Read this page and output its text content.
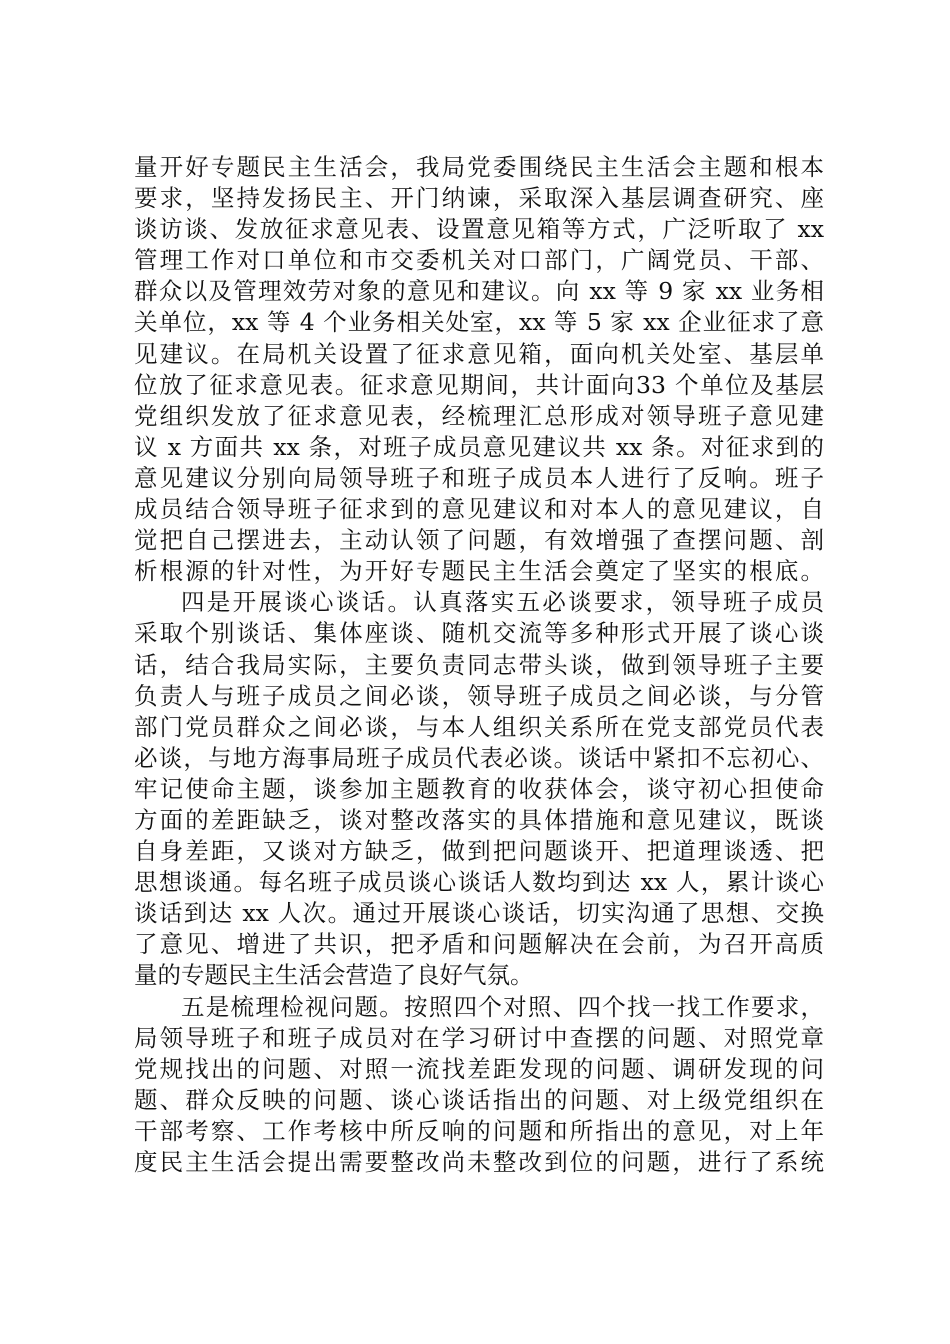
量开好专题民主生活会，我局党委围绕民主生活会主题和根本
要求，坚持发扬民主、开门纳谏，采取深入基层调查研究、座
谈访谈、发放征求意见表、设置意见箱等方式，广泛听取了 xx
管理工作对口单位和市交委机关对口部门，广阔党员、干部、
群众以及管理效劳对象的意见和建议。向 xx 等 9 家 xx 业务相
关单位，xx 等 4 个业务相关处室，xx 等 5 家 xx 企业征求了意
见建议。在局机关设置了征求意见箱，面向机关处室、基层单
位放了征求意见表。征求意见期间，共计面向33 个单位及基层
党组织发放了征求意见表，经梳理汇总形成对领导班子意见建
议 x 方面共 xx 条，对班子成员意见建议共 xx 条。对征求到的
意见建议分别向局领导班子和班子成员本人进行了反响。班子
成员结合领导班子征求到的意见建议和对本人的意见建议，自
觉把自己摆进去，主动认领了问题，有效增强了查摆问题、剖
析根源的针对性，为开好专题民主生活会奠定了坚实的根底。
四是开展谈心谈话。认真落实五必谈要求，领导班子成员
采取个别谈话、集体座谈、随机交流等多种形式开展了谈心谈
话，结合我局实际，主要负责同志带头谈，做到领导班子主要
负责人与班子成员之间必谈，领导班子成员之间必谈，与分管
部门党员群众之间必谈，与本人组织关系所在党支部党员代表
必谈，与地方海事局班子成员代表必谈。谈话中紧扣不忘初心、
牢记使命主题，谈参加主题教育的收获体会，谈守初心担使命
方面的差距缺乏，谈对整改落实的具体措施和意见建议，既谈
自身差距，又谈对方缺乏，做到把问题谈开、把道理谈透、把
思想谈通。每名班子成员谈心谈话人数均到达 xx 人，累计谈心
谈话到达 xx 人次。通过开展谈心谈话，切实沟通了思想、交换
了意见、增进了共识，把矛盾和问题解决在会前，为召开高质
量的专题民主生活会营造了良好气氛。
五是梳理检视问题。按照四个对照、四个找一找工作要求，
局领导班子和班子成员对在学习研讨中查摆的问题、对照党章
党规找出的问题、对照一流找差距发现的问题、调研发现的问
题、群众反映的问题、谈心谈话指出的问题、对上级党组织在
干部考察、工作考核中所反响的问题和所指出的意见，对上年
度民主生活会提出需要整改尚未整改到位的问题，进行了系统
